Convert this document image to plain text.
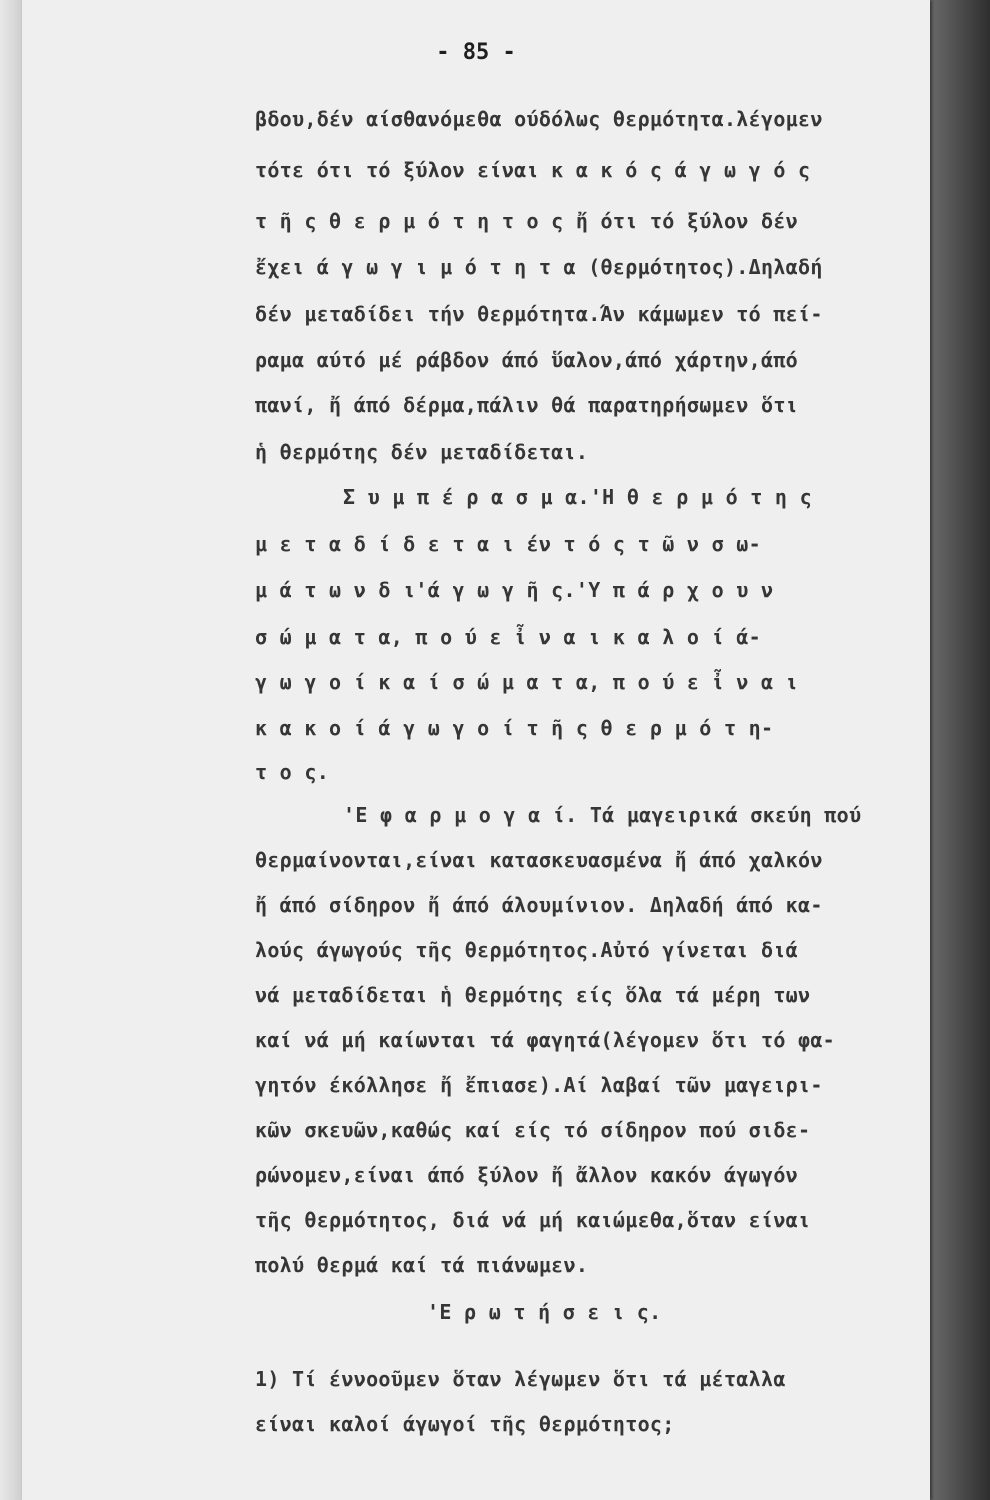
- 85 -
βδου,δέν αίσθανόμεθα ούδόλως θερμότητα.λέγομεν
τότε ότι τό ξύλον είναι κ α κ ό ς ά γ ω γ ό ς
τ ῆ ς θ ε ρ μ ό τ η τ ο ς ἤ ότι τό ξύλον δέν
ἔχει ά γ ω γ ι μ ό τ η τ α (θερμότητος).Δηλαδή
δέν μεταδίδει τήν θερμότητα.Άν κάμωμεν τό πεί-
ραμα αύτό μέ ράβδον άπό ὕαλον,άπό χάρτην,άπό
πανί, ἤ άπό δέρμα,πάλιν θά παρατηρήσωμεν ὅτι
ἡ θερμότης δέν μεταδίδεται.
Σ υ μ π έ ρ α σ μ α.'Η θ ε ρ μ ό τ η ς
μ ε τ α δ ί δ ε τ α ι έν τ ό ς τ ῶ ν σ ω-
μ ά τ ω ν δ ι'ά γ ω γ ῆ ς.'Υ π ά ρ χ ο υ ν
σ ώ μ α τ α, π ο ύ ε ἶ ν α ι κ α λ ο ί ά-
γ ω γ ο ί κ α ί σ ώ μ α τ α, π ο ύ ε ἶ ν α ι
κ α κ ο ί ά γ ω γ ο ί τ ῆ ς θ ε ρ μ ό τ η-
τ ο ς.
'Ε φ α ρ μ ο γ α ί. Τά μαγειρικά σκεύη πού
θερμαίνονται,είναι κατασκευασμένα ἤ άπό χαλκόν
ἤ άπό σίδηρον ἤ άπό άλουμίνιον. Δηλαδή άπό κα-
λούς άγωγούς τῆς θερμότητος.Αὐτό γίνεται διά
νά μεταδίδεται ἡ θερμότης είς ὅλα τά μέρη των
καί νά μή καίωνται τά φαγητά(λέγομεν ὅτι τό φα-
γητόν έκόλλησε ἤ ἔπιασε).Αί λαβαί τῶν μαγειρι-
κῶν σκευῶν,καθώς καί είς τό σίδηρον πού σιδε-
ρώνομεν,είναι άπό ξύλον ἤ ἄλλον κακόν άγωγόν
τῆς θερμότητος, διά νά μή καιώμεθα,ὅταν είναι
πολύ θερμά καί τά πιάνωμεν.
'Ε ρ ω τ ή σ ε ι ς.
1) Τί έννοοῦμεν ὅταν λέγωμεν ὅτι τά μέταλλα
είναι καλοί άγωγοί τῆς θερμότητος;
